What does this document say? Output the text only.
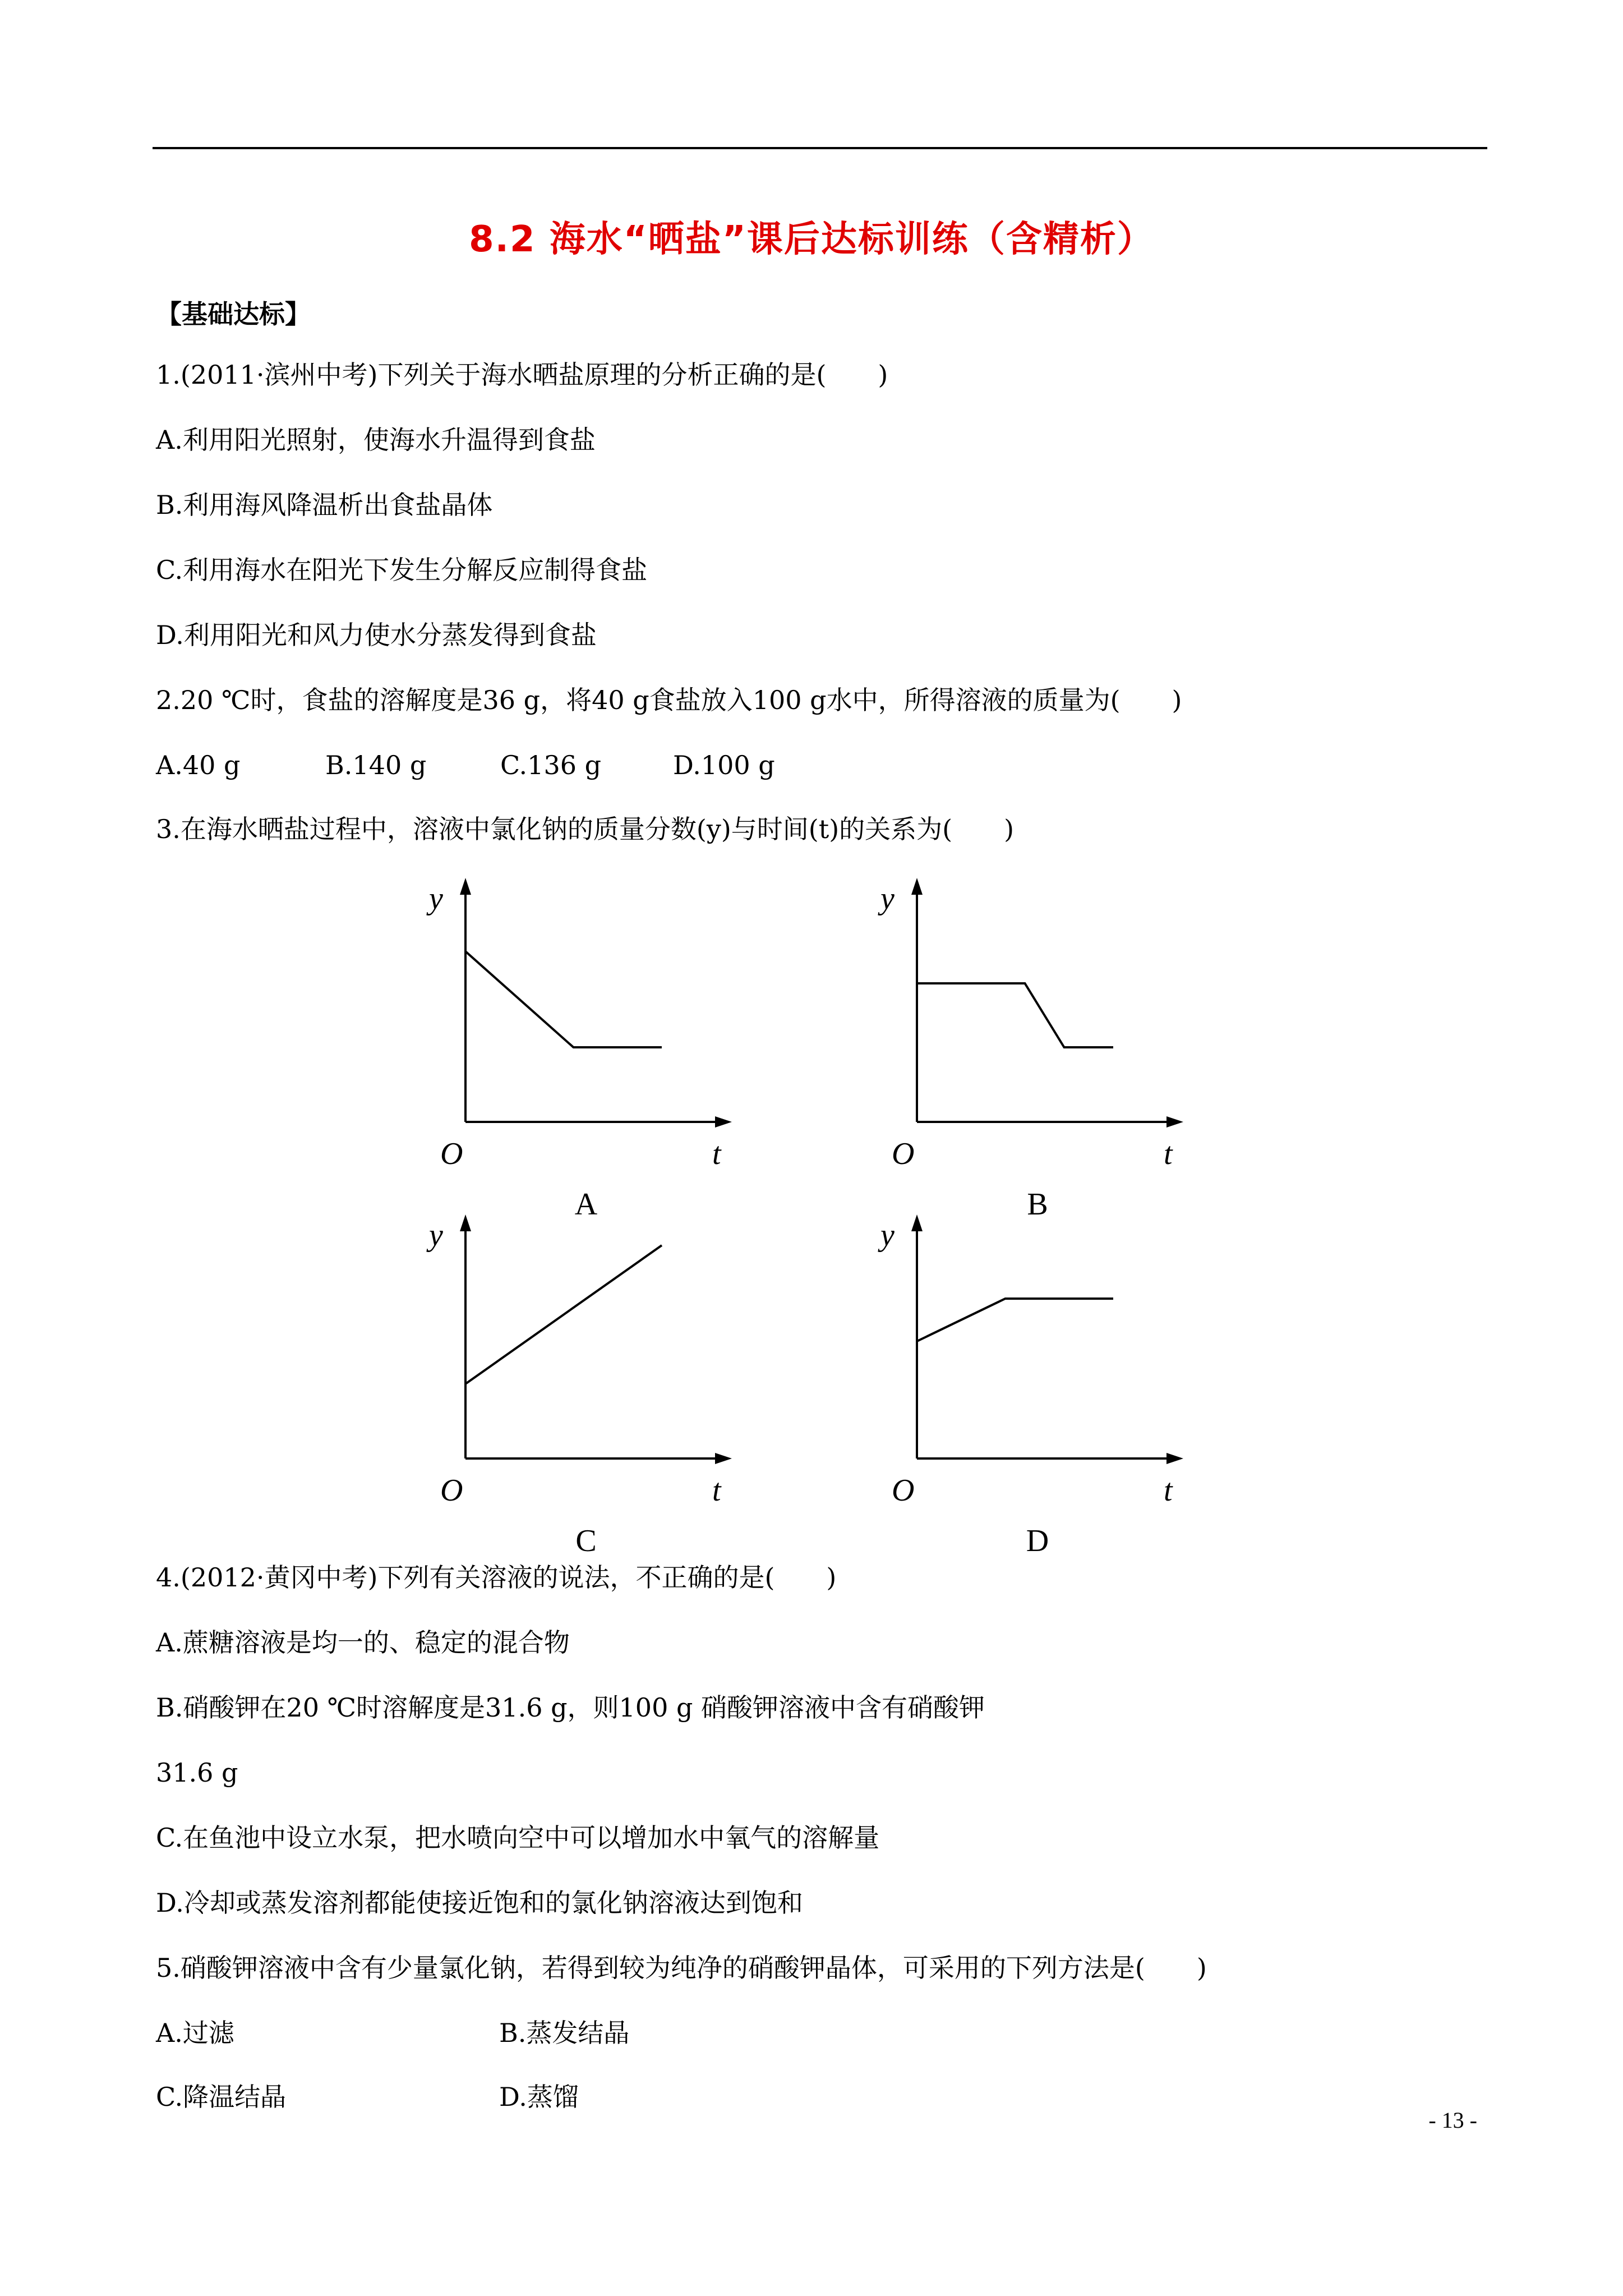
8.2 海水“晒盐”课后达标训练（含精析）
【基础达标】
1.(2011·滨州中考)下列关于海水晒盐原理的分析正确的是(　　)
A.利用阳光照射，使海水升温得到食盐
B.利用海风降温析出食盐晶体
C.利用海水在阳光下发生分解反应制得食盐
D.利用阳光和风力使水分蒸发得到食盐
2.20 ℃时，食盐的溶解度是36 g，将40 g食盐放入100 g水中，所得溶液的质量为(　　)
A.40 g	B.140 g	C.136 g	D.100 g
3.在海水晒盐过程中，溶液中氯化钠的质量分数(y)与时间(t)的关系为(　　)
y
t
O
A
y
t
O
B
y
t
O
C
y
t
O
D
4.(2012·黄冈中考)下列有关溶液的说法，不正确的是(　　)
A.蔗糖溶液是均一的、稳定的混合物
B.硝酸钾在20 ℃时溶解度是31.6 g，则100 g 硝酸钾溶液中含有硝酸钾
31.6 g
C.在鱼池中设立水泵，把水喷向空中可以增加水中氧气的溶解量
D.冷却或蒸发溶剂都能使接近饱和的氯化钠溶液达到饱和
5.硝酸钾溶液中含有少量氯化钠，若得到较为纯净的硝酸钾晶体，可采用的下列方法是(　　)
A.过滤	B.蒸发结晶
C.降温结晶	D.蒸馏
- 13 -
